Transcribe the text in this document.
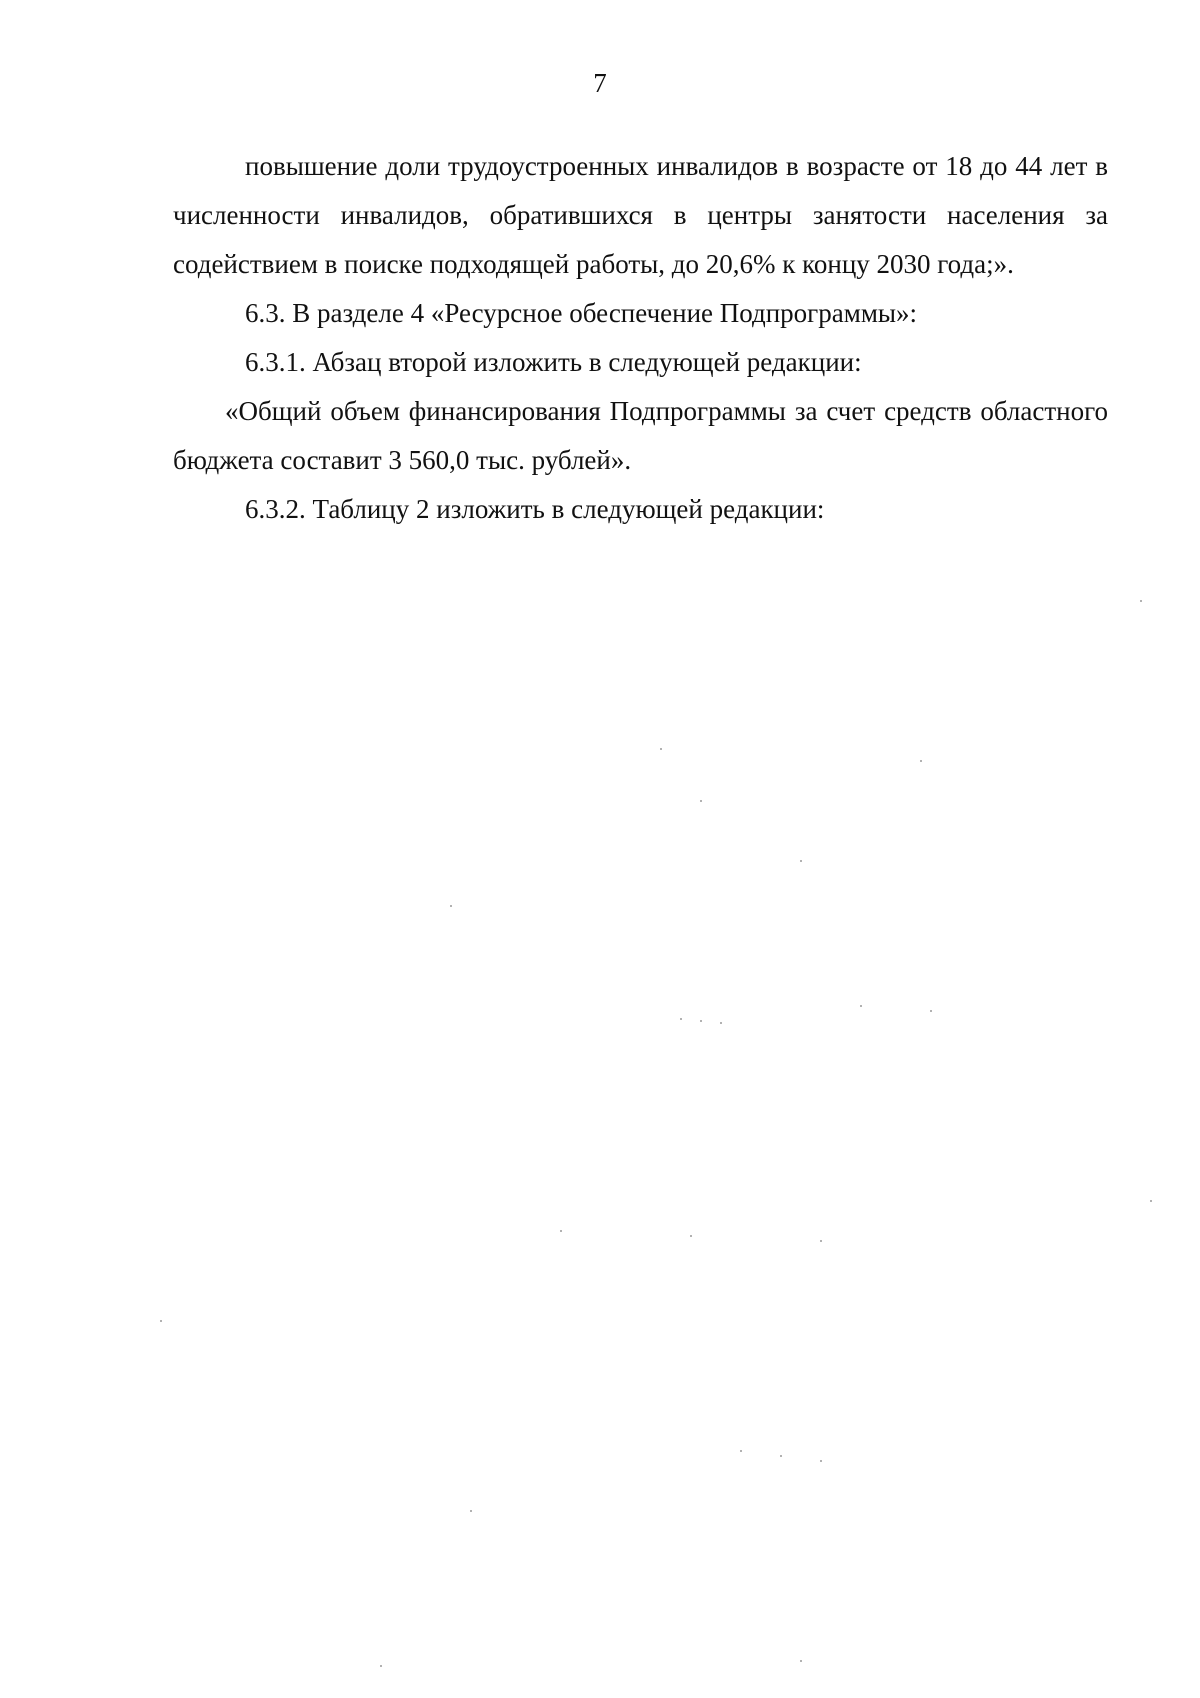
7

повышение доли трудоустроенных инвалидов в возрасте от 18 до 44 лет в численности инвалидов, обратившихся в центры занятости населения за содействием в поиске подходящей работы, до 20,6% к концу 2030 года;».

6.3. В разделе 4 «Ресурсное обеспечение Подпрограммы»:

6.3.1. Абзац второй изложить в следующей редакции:

«Общий объем финансирования Подпрограммы за счет средств областного бюджета составит 3 560,0 тыс. рублей».

6.3.2. Таблицу 2 изложить в следующей редакции:
